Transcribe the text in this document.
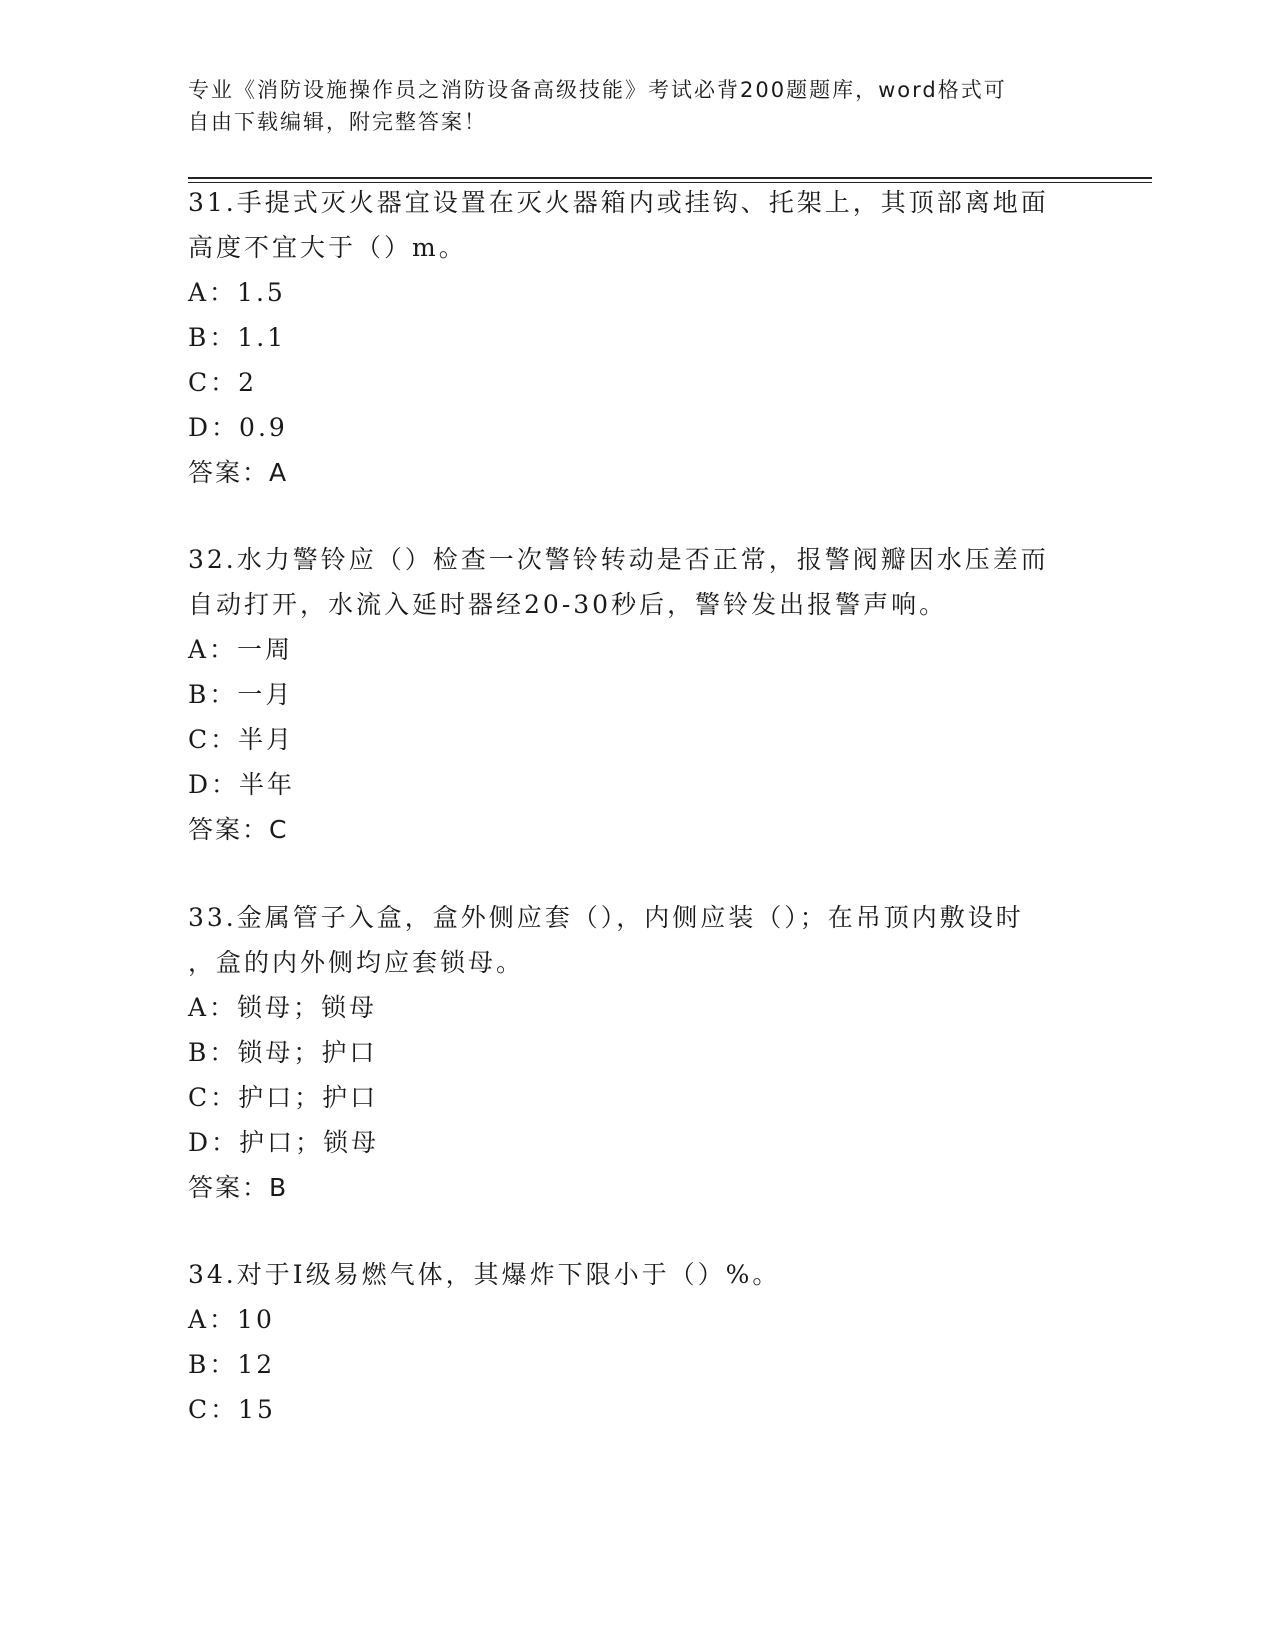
专业《消防设施操作员之消防设备高级技能》考试必背200题题库，word格式可
自由下载编辑，附完整答案！
31.手提式灭火器宜设置在灭火器箱内或挂钩、托架上，其顶部离地面
高度不宜大于（）m。
A：1.5
B：1.1
C：2
D：0.9
答案：A
32.水力警铃应（）检查一次警铃转动是否正常，报警阀瓣因水压差而
自动打开，水流入延时器经20-30秒后，警铃发出报警声响。
A：一周
B：一月
C：半月
D：半年
答案：C
33.金属管子入盒，盒外侧应套（），内侧应装（）；在吊顶内敷设时
，盒的内外侧均应套锁母。
A：锁母；锁母
B：锁母；护口
C：护口；护口
D：护口；锁母
答案：B
34.对于Ⅰ级易燃气体，其爆炸下限小于（）%。
A：10
B：12
C：15
